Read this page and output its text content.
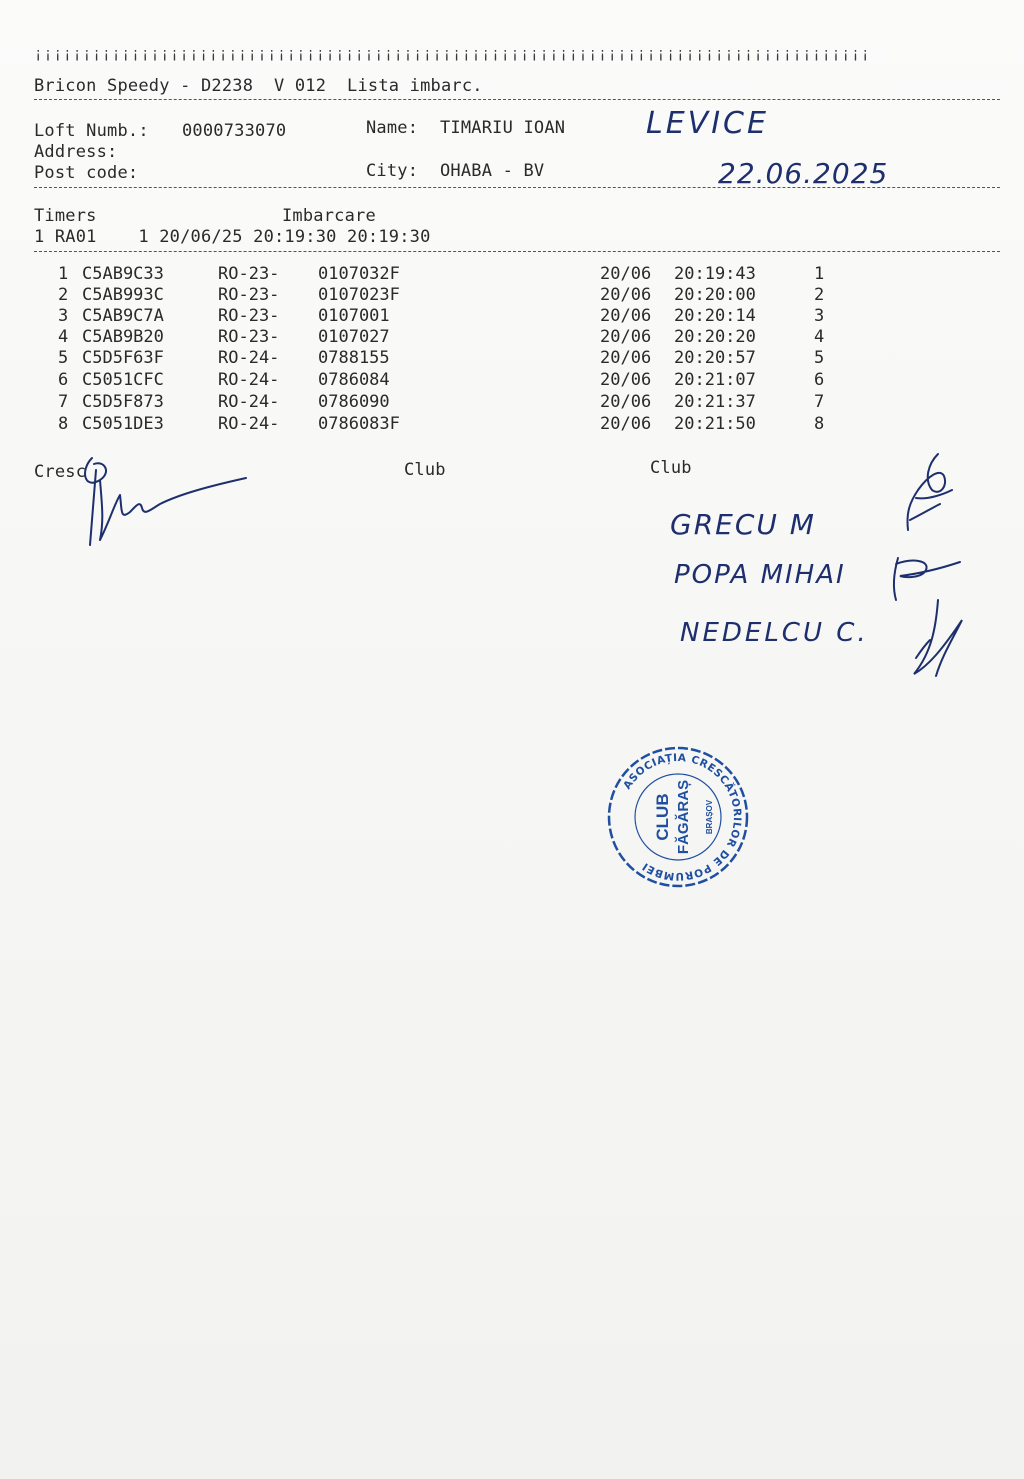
¡¡¡¡¡¡¡¡¡¡¡¡¡¡¡¡¡¡¡¡¡¡¡¡¡¡¡¡¡¡¡¡¡¡¡¡¡¡¡¡¡¡¡¡¡¡¡¡¡¡¡¡¡¡¡¡¡¡¡¡¡¡¡¡¡¡¡¡¡¡¡¡¡¡¡¡¡¡¡¡¡¡¡¡¡¡
Bricon Speedy - D2238  V 012  Lista imbarc.
Loft Numb.: 0000733070	Name: TIMARIU IOAN
Address:
Post code:	City: OHABA - BV
LEVICE
22.06.2025
Timers	Imbarcare
1 RA01    1 20/06/25 20:19:30 20:19:30
1 C5AB9C33	RO-23- 0107032F	20/06 20:19:43	1
2 C5AB993C	RO-23- 0107023F	20/06 20:20:00	2
3 C5AB9C7A	RO-23- 0107001	20/06 20:20:14	3
4 C5AB9B20	RO-23- 0107027	20/06 20:20:20	4
5 C5D5F63F	RO-24- 0788155	20/06 20:20:57	5
6 C5051CFC	RO-24- 0786084	20/06 20:21:07	6
7 C5D5F873	RO-24- 0786090	20/06 20:21:37	7
8 C5051DE3	RO-24- 0786083F	20/06 20:21:50	8
Cresc	Club	Club
GRECU M
POPA MIHAI
NEDELCU C.
ASOCIAȚIA CRESCĂTORILOR DE PORUMBEI
CLUB FĂGĂRAȘ BRAȘOV
